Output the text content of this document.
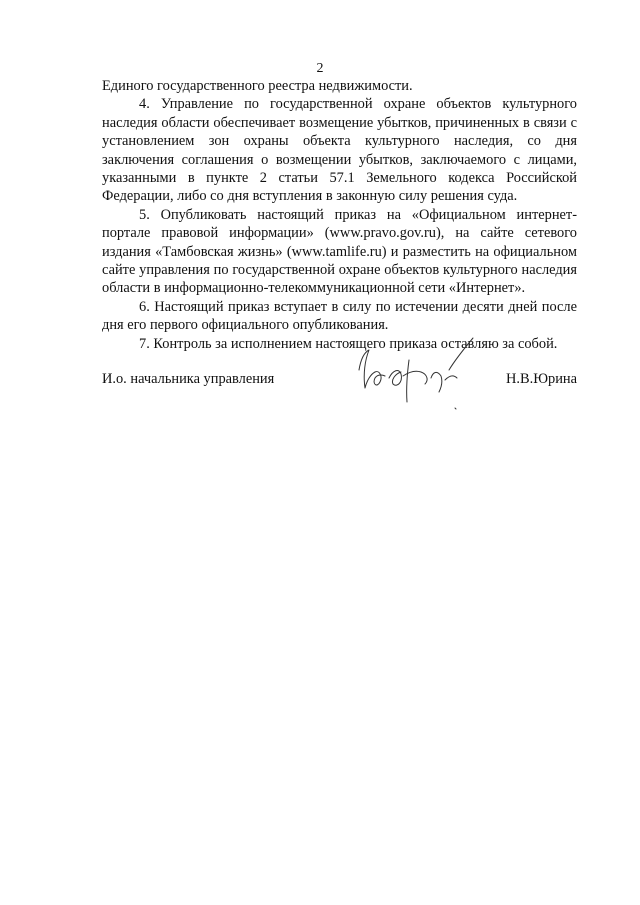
2

Единого государственного реестра недвижимости.

4. Управление по государственной охране объектов культурного наследия области обеспечивает возмещение убытков, причиненных в связи с установлением зон охраны объекта культурного наследия, со дня заключения соглашения о возмещении убытков, заключаемого с лицами, указанными в пункте 2 статьи 57.1 Земельного кодекса Российской Федерации, либо со дня вступления в законную силу решения суда.

5. Опубликовать настоящий приказ на «Официальном интернет-портале правовой информации» (www.pravo.gov.ru), на сайте сетевого издания «Тамбовская жизнь» (www.tamlife.ru) и разместить на официальном сайте управления по государственной охране объектов культурного наследия области в информационно-телекоммуникационной сети «Интернет».

6. Настоящий приказ вступает в силу по истечении десяти дней после дня его первого официального опубликования.

7. Контроль за исполнением настоящего приказа оставляю за собой.

И.о. начальника управления	Н.В.Юрина
